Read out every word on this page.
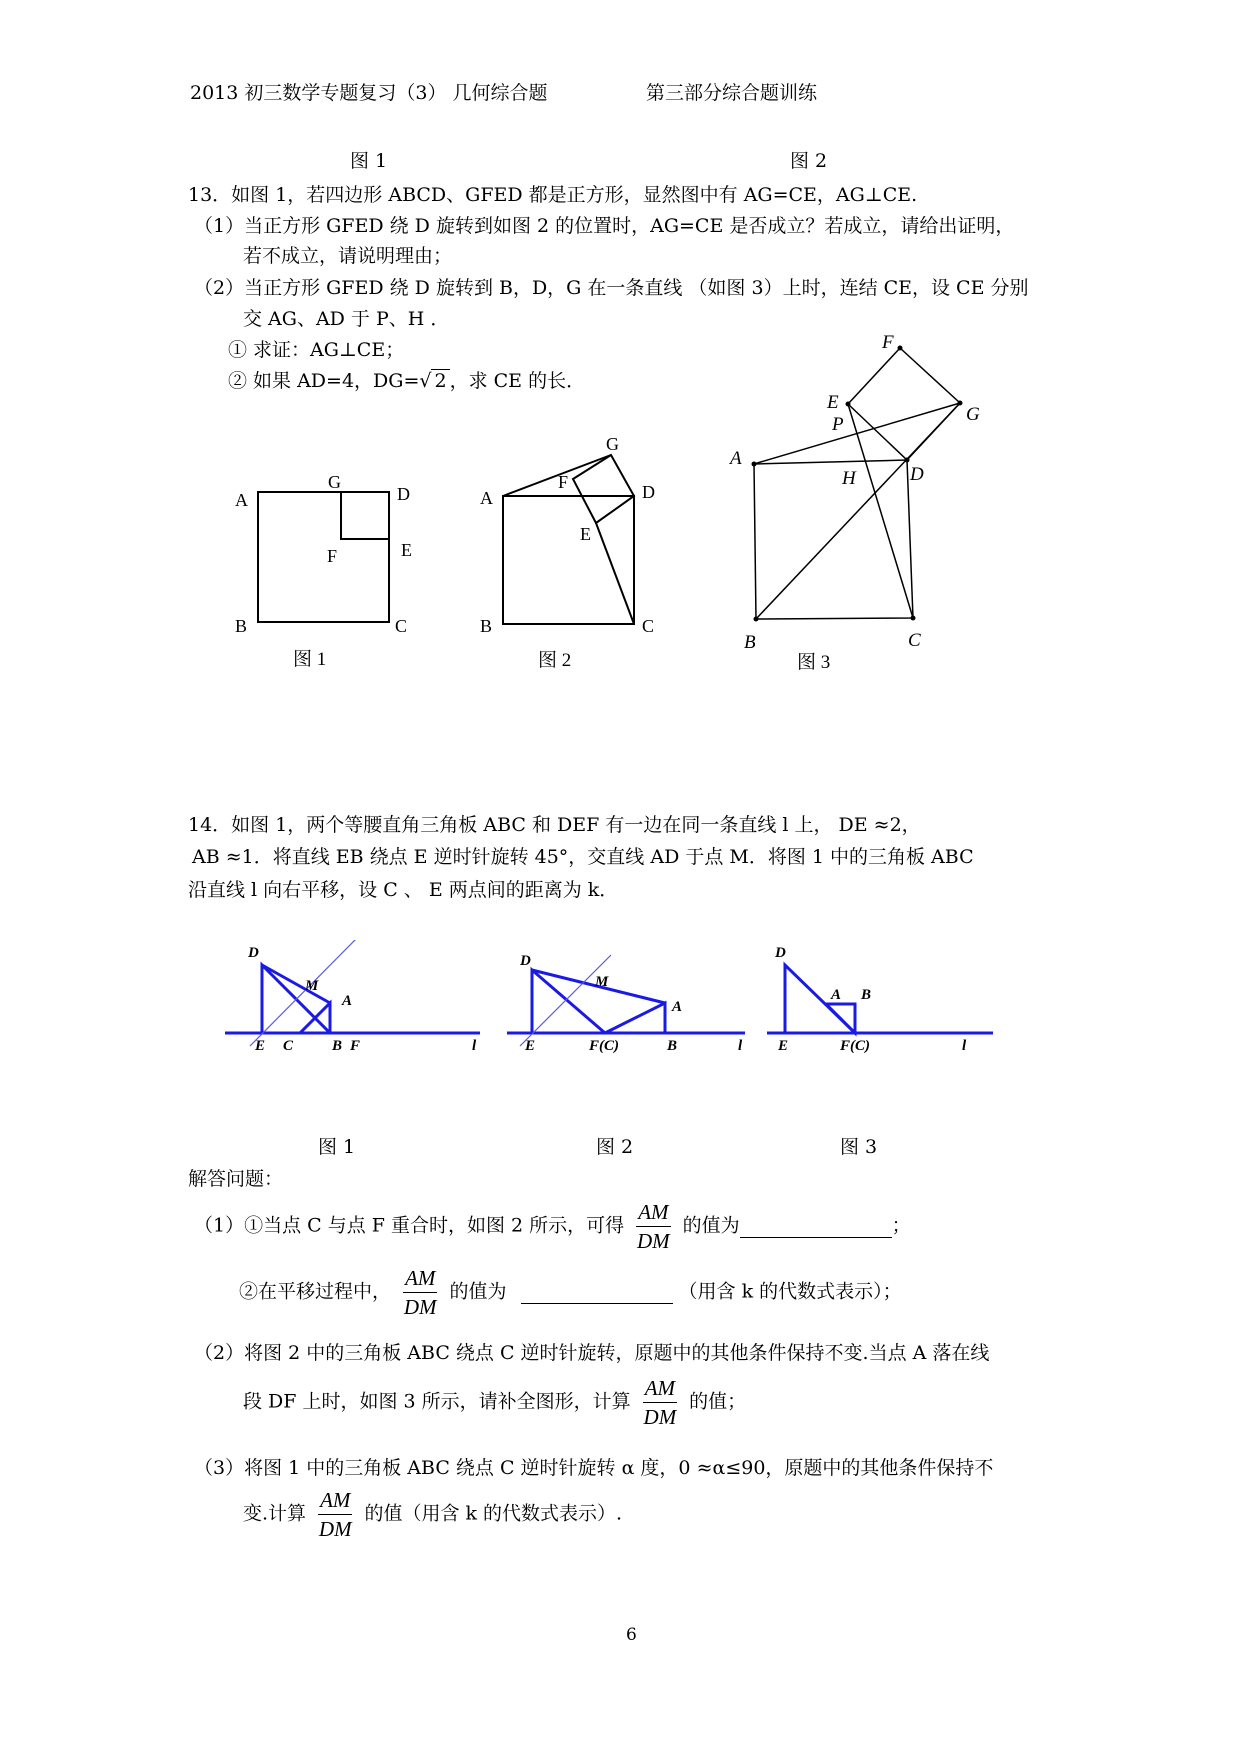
2013 初三数学专题复习（3） 几何综合题	第三部分综合题训练
图 1	图 2
13．如图 1，若四边形 ABCD、GFED 都是正方形，显然图中有 AG=CE，AG⊥CE.
（1）当正方形 GFED 绕 D 旋转到如图 2 的位置时，AG=CE 是否成立？若成立，请给出证明，
若不成立，请说明理由；
（2）当正方形 GFED 绕 D 旋转到 B，D，G 在一条直线 （如图 3）上时，连结 CE，设 CE 分别
交 AG、AD 于 P、H ．
① 求证：AG⊥CE；
② 如果 AD=4，DG=√ 2 ，求 CE 的长．
A
G
D
F	E
B	C
图 1
G
A
F	D
E
B	C
图 2
F
E
G
P
A
H	D
B	C
图 3
14．如图 1，两个等腰直角三角板 ABC 和 DEF 有一边在同一条直线 l 上， DE ≈2，
AB ≈1．将直线 EB 绕点 E 逆时针旋转 45°，交直线 AD 于点 M．将图 1 中的三角板 ABC
沿直线 l 向右平移，设 C 、 E 两点间的距离为 k．
D
M
A
E C	B F	l
D
M
A
E	F(C)	B	l
D
A B
E	F(C)	l
图 1	图 2	图 3
解答问题：
（1）①当点 C 与点 F 重合时，如图 2 所示，可得 $\frac{AM}{DM}$ 的值为	；
②在平移过程中， $\frac{AM}{DM}$ 的值为	（用含 k 的代数式表示）；
（2）将图 2 中的三角板 ABC 绕点 C 逆时针旋转，原题中的其他条件保持不变.当点 A 落在线
段 DF 上时，如图 3 所示，请补全图形，计算 $\frac{AM}{DM}$ 的值；
（3）将图 1 中的三角板 ABC 绕点 C 逆时针旋转 α 度，0 ≈α≤90，原题中的其他条件保持不
变.计算 $\frac{AM}{DM}$ 的值（用含 k 的代数式表示）.
6
